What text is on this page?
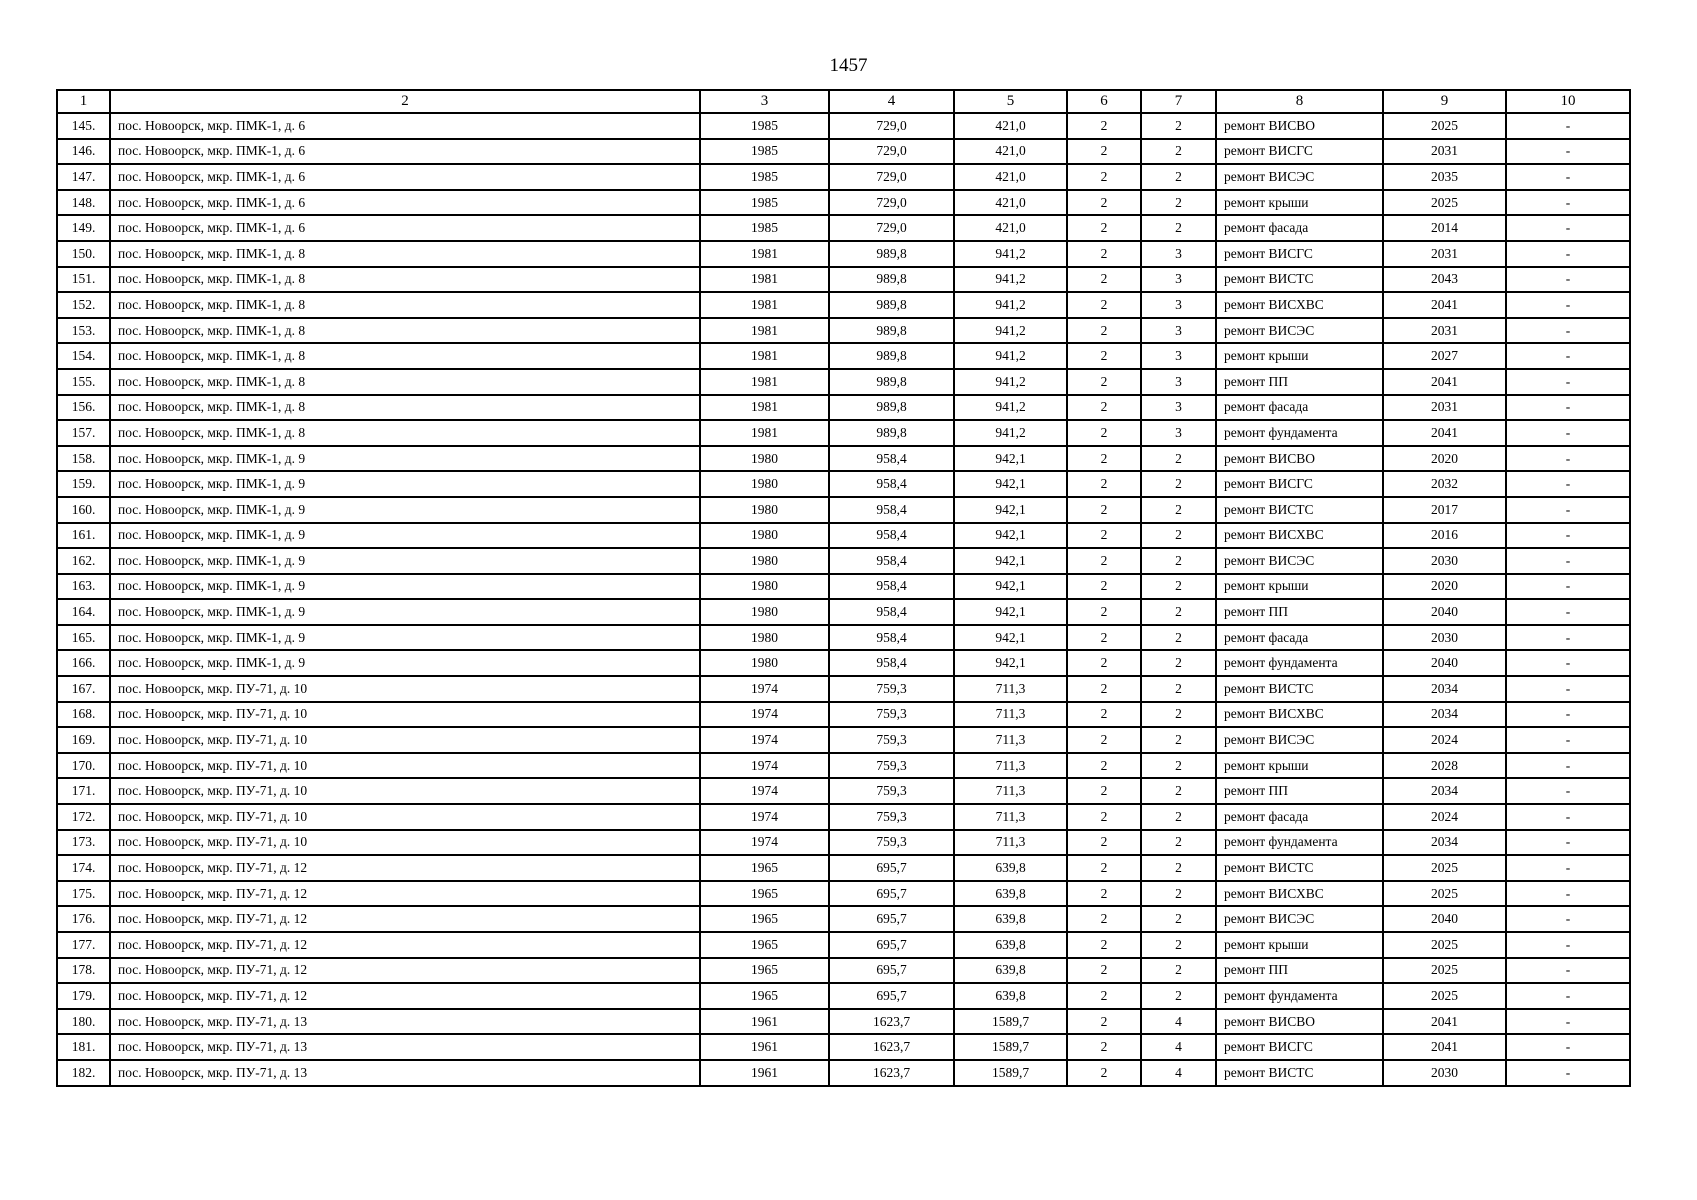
1457
1	2	3	4	5	6	7	8	9	10
145.	пос. Новоорск, мкр. ПМК-1, д. 6	1985	729,0	421,0	2	2	ремонт ВИСВО	2025	-
146.	пос. Новоорск, мкр. ПМК-1, д. 6	1985	729,0	421,0	2	2	ремонт ВИСГС	2031	-
147.	пос. Новоорск, мкр. ПМК-1, д. 6	1985	729,0	421,0	2	2	ремонт ВИСЭС	2035	-
148.	пос. Новоорск, мкр. ПМК-1, д. 6	1985	729,0	421,0	2	2	ремонт крыши	2025	-
149.	пос. Новоорск, мкр. ПМК-1, д. 6	1985	729,0	421,0	2	2	ремонт фасада	2014	-
150.	пос. Новоорск, мкр. ПМК-1, д. 8	1981	989,8	941,2	2	3	ремонт ВИСГС	2031	-
151.	пос. Новоорск, мкр. ПМК-1, д. 8	1981	989,8	941,2	2	3	ремонт ВИСТС	2043	-
152.	пос. Новоорск, мкр. ПМК-1, д. 8	1981	989,8	941,2	2	3	ремонт ВИСХВС	2041	-
153.	пос. Новоорск, мкр. ПМК-1, д. 8	1981	989,8	941,2	2	3	ремонт ВИСЭС	2031	-
154.	пос. Новоорск, мкр. ПМК-1, д. 8	1981	989,8	941,2	2	3	ремонт крыши	2027	-
155.	пос. Новоорск, мкр. ПМК-1, д. 8	1981	989,8	941,2	2	3	ремонт ПП	2041	-
156.	пос. Новоорск, мкр. ПМК-1, д. 8	1981	989,8	941,2	2	3	ремонт фасада	2031	-
157.	пос. Новоорск, мкр. ПМК-1, д. 8	1981	989,8	941,2	2	3	ремонт фундамента	2041	-
158.	пос. Новоорск, мкр. ПМК-1, д. 9	1980	958,4	942,1	2	2	ремонт ВИСВО	2020	-
159.	пос. Новоорск, мкр. ПМК-1, д. 9	1980	958,4	942,1	2	2	ремонт ВИСГС	2032	-
160.	пос. Новоорск, мкр. ПМК-1, д. 9	1980	958,4	942,1	2	2	ремонт ВИСТС	2017	-
161.	пос. Новоорск, мкр. ПМК-1, д. 9	1980	958,4	942,1	2	2	ремонт ВИСХВС	2016	-
162.	пос. Новоорск, мкр. ПМК-1, д. 9	1980	958,4	942,1	2	2	ремонт ВИСЭС	2030	-
163.	пос. Новоорск, мкр. ПМК-1, д. 9	1980	958,4	942,1	2	2	ремонт крыши	2020	-
164.	пос. Новоорск, мкр. ПМК-1, д. 9	1980	958,4	942,1	2	2	ремонт ПП	2040	-
165.	пос. Новоорск, мкр. ПМК-1, д. 9	1980	958,4	942,1	2	2	ремонт фасада	2030	-
166.	пос. Новоорск, мкр. ПМК-1, д. 9	1980	958,4	942,1	2	2	ремонт фундамента	2040	-
167.	пос. Новоорск, мкр. ПУ-71, д. 10	1974	759,3	711,3	2	2	ремонт ВИСТС	2034	-
168.	пос. Новоорск, мкр. ПУ-71, д. 10	1974	759,3	711,3	2	2	ремонт ВИСХВС	2034	-
169.	пос. Новоорск, мкр. ПУ-71, д. 10	1974	759,3	711,3	2	2	ремонт ВИСЭС	2024	-
170.	пос. Новоорск, мкр. ПУ-71, д. 10	1974	759,3	711,3	2	2	ремонт крыши	2028	-
171.	пос. Новоорск, мкр. ПУ-71, д. 10	1974	759,3	711,3	2	2	ремонт ПП	2034	-
172.	пос. Новоорск, мкр. ПУ-71, д. 10	1974	759,3	711,3	2	2	ремонт фасада	2024	-
173.	пос. Новоорск, мкр. ПУ-71, д. 10	1974	759,3	711,3	2	2	ремонт фундамента	2034	-
174.	пос. Новоорск, мкр. ПУ-71, д. 12	1965	695,7	639,8	2	2	ремонт ВИСТС	2025	-
175.	пос. Новоорск, мкр. ПУ-71, д. 12	1965	695,7	639,8	2	2	ремонт ВИСХВС	2025	-
176.	пос. Новоорск, мкр. ПУ-71, д. 12	1965	695,7	639,8	2	2	ремонт ВИСЭС	2040	-
177.	пос. Новоорск, мкр. ПУ-71, д. 12	1965	695,7	639,8	2	2	ремонт крыши	2025	-
178.	пос. Новоорск, мкр. ПУ-71, д. 12	1965	695,7	639,8	2	2	ремонт ПП	2025	-
179.	пос. Новоорск, мкр. ПУ-71, д. 12	1965	695,7	639,8	2	2	ремонт фундамента	2025	-
180.	пос. Новоорск, мкр. ПУ-71, д. 13	1961	1623,7	1589,7	2	4	ремонт ВИСВО	2041	-
181.	пос. Новоорск, мкр. ПУ-71, д. 13	1961	1623,7	1589,7	2	4	ремонт ВИСГС	2041	-
182.	пос. Новоорск, мкр. ПУ-71, д. 13	1961	1623,7	1589,7	2	4	ремонт ВИСТС	2030	-
